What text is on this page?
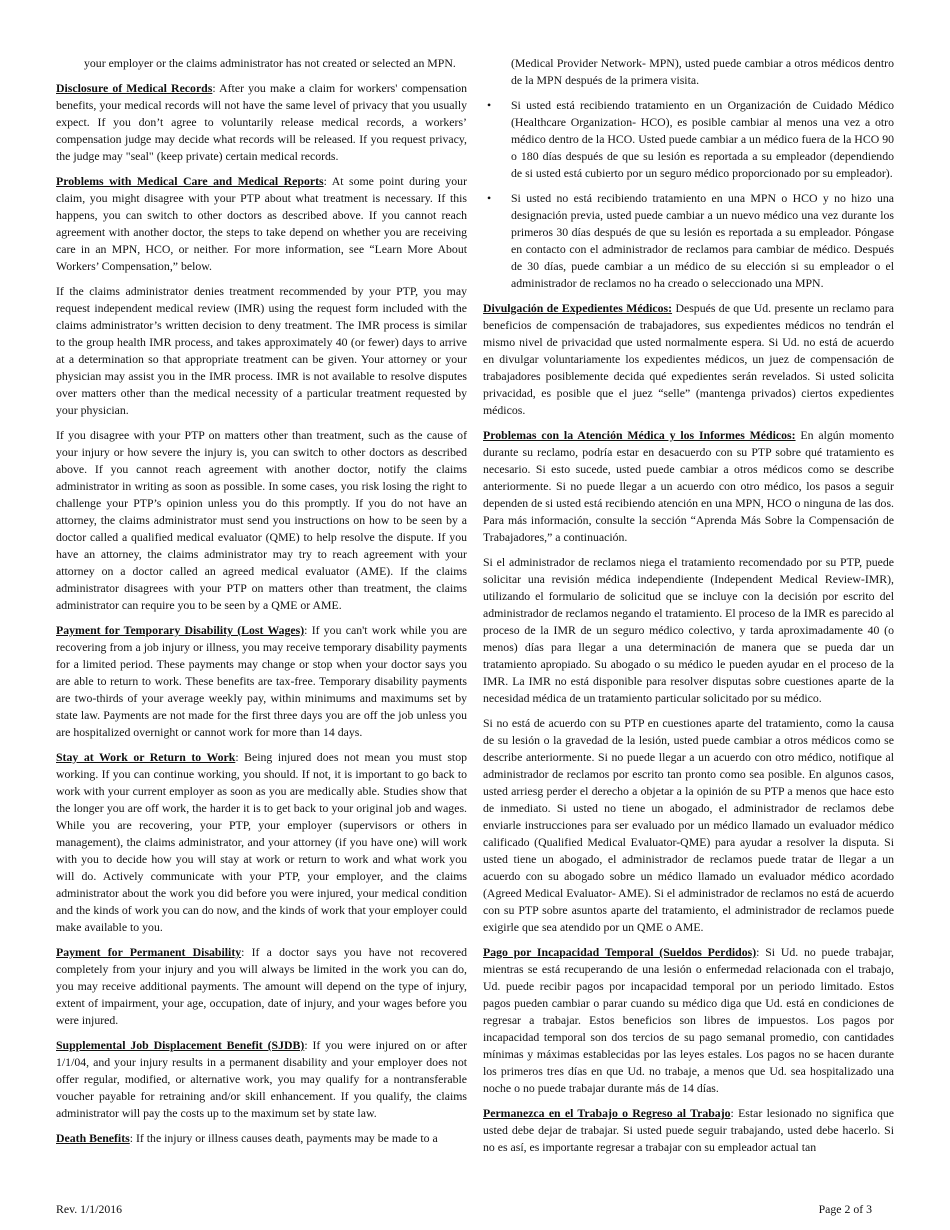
your employer or the claims administrator has not created or selected an MPN.

Disclosure of Medical Records: After you make a claim for workers' compensation benefits, your medical records will not have the same level of privacy that you usually expect. If you don’t agree to voluntarily release medical records, a workers’ compensation judge may decide what records will be released. If you request privacy, the judge may "seal" (keep private) certain medical records.

Problems with Medical Care and Medical Reports: At some point during your claim, you might disagree with your PTP about what treatment is necessary. If this happens, you can switch to other doctors as described above. If you cannot reach agreement with another doctor, the steps to take depend on whether you are receiving care in an MPN, HCO, or neither. For more information, see “Learn More About Workers’ Compensation,” below.

If the claims administrator denies treatment recommended by your PTP, you may request independent medical review (IMR) using the request form included with the claims administrator’s written decision to deny treatment. The IMR process is similar to the group health IMR process, and takes approximately 40 (or fewer) days to arrive at a determination so that appropriate treatment can be given. Your attorney or your physician may assist you in the IMR process. IMR is not available to resolve disputes over matters other than the medical necessity of a particular treatment requested by your physician.

If you disagree with your PTP on matters other than treatment, such as the cause of your injury or how severe the injury is, you can switch to other doctors as described above. If you cannot reach agreement with another doctor, notify the claims administrator in writing as soon as possible. In some cases, you risk losing the right to challenge your PTP’s opinion unless you do this promptly. If you do not have an attorney, the claims administrator must send you instructions on how to be seen by a doctor called a qualified medical evaluator (QME) to help resolve the dispute. If you have an attorney, the claims administrator may try to reach agreement with your attorney on a doctor called an agreed medical evaluator (AME). If the claims administrator disagrees with your PTP on matters other than treatment, the claims administrator can require you to be seen by a QME or AME.

Payment for Temporary Disability (Lost Wages): If you can't work while you are recovering from a job injury or illness, you may receive temporary disability payments for a limited period. These payments may change or stop when your doctor says you are able to return to work. These benefits are tax-free. Temporary disability payments are two-thirds of your average weekly pay, within minimums and maximums set by state law. Payments are not made for the first three days you are off the job unless you are hospitalized overnight or cannot work for more than 14 days.

Stay at Work or Return to Work: Being injured does not mean you must stop working. If you can continue working, you should. If not, it is important to go back to work with your current employer as soon as you are medically able. Studies show that the longer you are off work, the harder it is to get back to your original job and wages. While you are recovering, your PTP, your employer (supervisors or others in management), the claims administrator, and your attorney (if you have one) will work with you to decide how you will stay at work or return to work and what work you will do. Actively communicate with your PTP, your employer, and the claims administrator about the work you did before you were injured, your medical condition and the kinds of work you can do now, and the kinds of work that your employer could make available to you.

Payment for Permanent Disability: If a doctor says you have not recovered completely from your injury and you will always be limited in the work you can do, you may receive additional payments. The amount will depend on the type of injury, extent of impairment, your age, occupation, date of injury, and your wages before you were injured.

Supplemental Job Displacement Benefit (SJDB): If you were injured on or after 1/1/04, and your injury results in a permanent disability and your employer does not offer regular, modified, or alternative work, you may qualify for a nontransferable voucher payable for retraining and/or skill enhancement. If you qualify, the claims administrator will pay the costs up to the maximum set by state law.

Death Benefits: If the injury or illness causes death, payments may be made to a

(Medical Provider Network- MPN), usted puede cambiar a otros médicos dentro de la MPN después de la primera visita.

• Si usted está recibiendo tratamiento en un Organización de Cuidado Médico (Healthcare Organization- HCO), es posible cambiar al menos una vez a otro médico dentro de la HCO. Usted puede cambiar a un médico fuera de la HCO 90 o 180 días después de que su lesión es reportada a su empleador (dependiendo de si usted está cubierto por un seguro médico proporcionado por su empleador).
• Si usted no está recibiendo tratamiento en una MPN o HCO y no hizo una designación previa, usted puede cambiar a un nuevo médico una vez durante los primeros 30 días después de que su lesión es reportada a su empleador. Póngase en contacto con el administrador de reclamos para cambiar de médico. Después de 30 días, puede cambiar a un médico de su elección si su empleador o el administrador de reclamos no ha creado o seleccionado una MPN.

Divulgación de Expedientes Médicos: Después de que Ud. presente un reclamo para beneficios de compensación de trabajadores, sus expedientes médicos no tendrán el mismo nivel de privacidad que usted normalmente espera. Si Ud. no está de acuerdo en divulgar voluntariamente los expedientes médicos, un juez de compensación de trabajadores posiblemente decida qué expedientes serán revelados. Si usted solicita privacidad, es posible que el juez “selle” (mantenga privados) ciertos expedientes médicos.

Problemas con la Atención Médica y los Informes Médicos: En algún momento durante su reclamo, podría estar en desacuerdo con su PTP sobre qué tratamiento es necesario. Si esto sucede, usted puede cambiar a otros médicos como se describe anteriormente. Si no puede llegar a un acuerdo con otro médico, los pasos a seguir dependen de si usted está recibiendo atención en una MPN, HCO o ninguna de las dos. Para más información, consulte la sección “Aprenda Más Sobre la Compensación de Trabajadores,” a continuación.

Si el administrador de reclamos niega el tratamiento recomendado por su PTP, puede solicitar una revisión médica independiente (Independent Medical Review-IMR), utilizando el formulario de solicitud que se incluye con la decisión por escrito del administrador de reclamos negando el tratamiento. El proceso de la IMR es parecido al proceso de la IMR de un seguro médico colectivo, y tarda aproximadamente 40 (o menos) días para llegar a una determinación de manera que se pueda dar un tratamiento apropiado. Su abogado o su médico le pueden ayudar en el proceso de la IMR. La IMR no está disponible para resolver disputas sobre cuestiones aparte de la necesidad médica de un tratamiento particular solicitado por su médico.

Si no está de acuerdo con su PTP en cuestiones aparte del tratamiento, como la causa de su lesión o la gravedad de la lesión, usted puede cambiar a otros médicos como se describe anteriormente. Si no puede llegar a un acuerdo con otro médico, notifique al administrador de reclamos por escrito tan pronto como sea posible. En algunos casos, usted arriesg perder el derecho a objetar a la opinión de su PTP a menos que hace esto de inmediato. Si usted no tiene un abogado, el administrador de reclamos debe enviarle instrucciones para ser evaluado por un médico llamado un evaluador médico calificado (Qualified Medical Evaluator-QME) para ayudar a resolver la disputa. Si usted tiene un abogado, el administrador de reclamos puede tratar de llegar a un acuerdo con su abogado sobre un médico llamado un evaluador médico acordado (Agreed Medical Evaluator- AME). Si el administrador de reclamos no está de acuerdo con su PTP sobre asuntos aparte del tratamiento, el administrador de reclamos puede exigirle que sea atendido por un QME o AME.

Pago por Incapacidad Temporal (Sueldos Perdidos): Si Ud. no puede trabajar, mientras se está recuperando de una lesión o enfermedad relacionada con el trabajo, Ud. puede recibir pagos por incapacidad temporal por un periodo limitado. Estos pagos pueden cambiar o parar cuando su médico diga que Ud. está en condiciones de regresar a trabajar. Estos beneficios son libres de impuestos. Los pagos por incapacidad temporal son dos tercios de su pago semanal promedio, con cantidades mínimas y máximas establecidas por las leyes estales. Los pagos no se hacen durante los primeros tres días en que Ud. no trabaje, a menos que Ud. sea hospitalizado una noche o no puede trabajar durante más de 14 días.

Permanezca en el Trabajo o Regreso al Trabajo: Estar lesionado no significa que usted debe dejar de trabajar. Si usted puede seguir trabajando, usted debe hacerlo. Si no es así, es importante regresar a trabajar con su empleador actual tan

Rev. 1/1/2016	Page 2 of 3
